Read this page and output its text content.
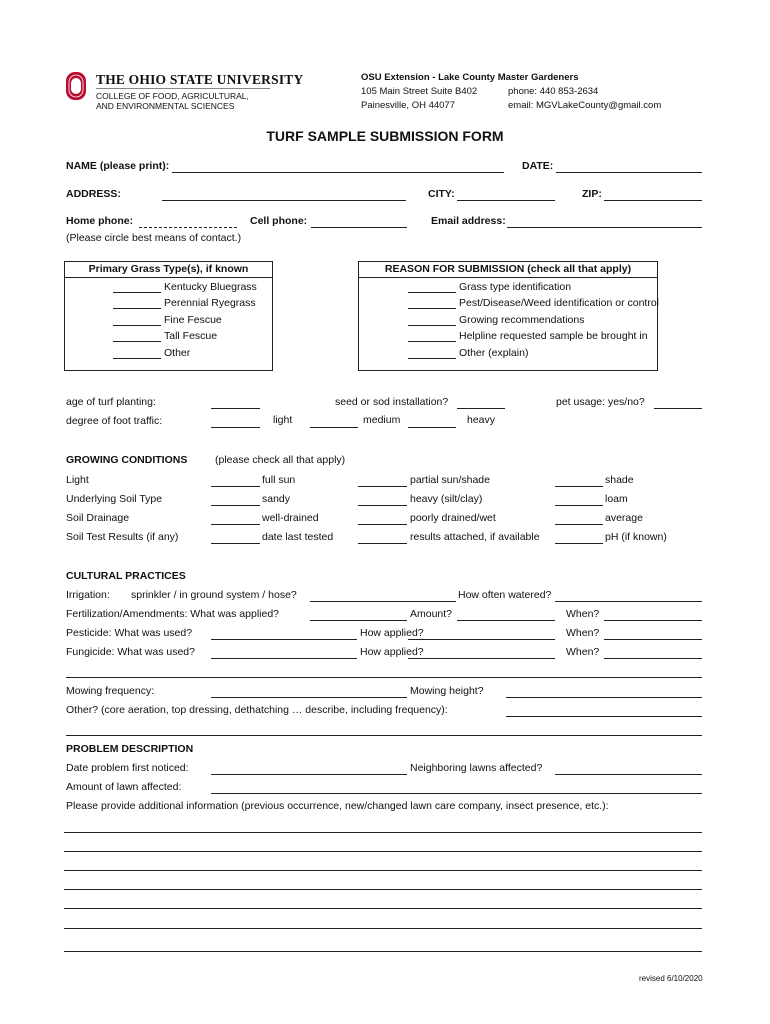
THE OHIO STATE UNIVERSITY
COLLEGE OF FOOD, AGRICULTURAL,
AND ENVIRONMENTAL SCIENCES
OSU Extension - Lake County Master Gardeners
105 Main Street Suite B402
Painesville, OH 44077
phone: 440 853-2634
email: MGVLakeCounty@gmail.com
TURF SAMPLE SUBMISSION FORM
NAME (please print):	DATE:
ADDRESS:	CITY:	ZIP:
Home phone:	Cell phone:	Email address:
(Please circle best means of contact.)
Primary Grass Type(s), if known
Kentucky Bluegrass
Perennial Ryegrass
Fine Fescue
Tall Fescue
Other
REASON FOR SUBMISSION (check all that apply)
Grass type identification
Pest/Disease/Weed identification or control
Growing recommendations
Helpline requested sample be brought in
Other (explain)
age of turf planting:	seed or sod installation?	pet usage: yes/no?
degree of foot traffic:	light	medium	heavy
GROWING CONDITIONS	(please check all that apply)
Light	full sun	partial sun/shade	shade
Underlying Soil Type	sandy	heavy (silt/clay)	loam
Soil Drainage	well-drained	poorly drained/wet	average
Soil Test Results (if any)	date last tested	results attached, if available	pH (if known)
CULTURAL PRACTICES
Irrigation: sprinkler / in ground system / hose?	How often watered?
Fertilization/Amendments: What was applied?	Amount?	When?
Pesticide: What was used?	How applied?	When?
Fungicide: What was used?	How applied?	When?
Mowing frequency:	Mowing height?
Other? (core aeration, top dressing, dethatching … describe, including frequency):
PROBLEM DESCRIPTION
Date problem first noticed:	Neighboring lawns affected?
Amount of lawn affected:
Please provide additional information (previous occurrence, new/changed lawn care company, insect presence, etc.):
revised 6/10/2020
